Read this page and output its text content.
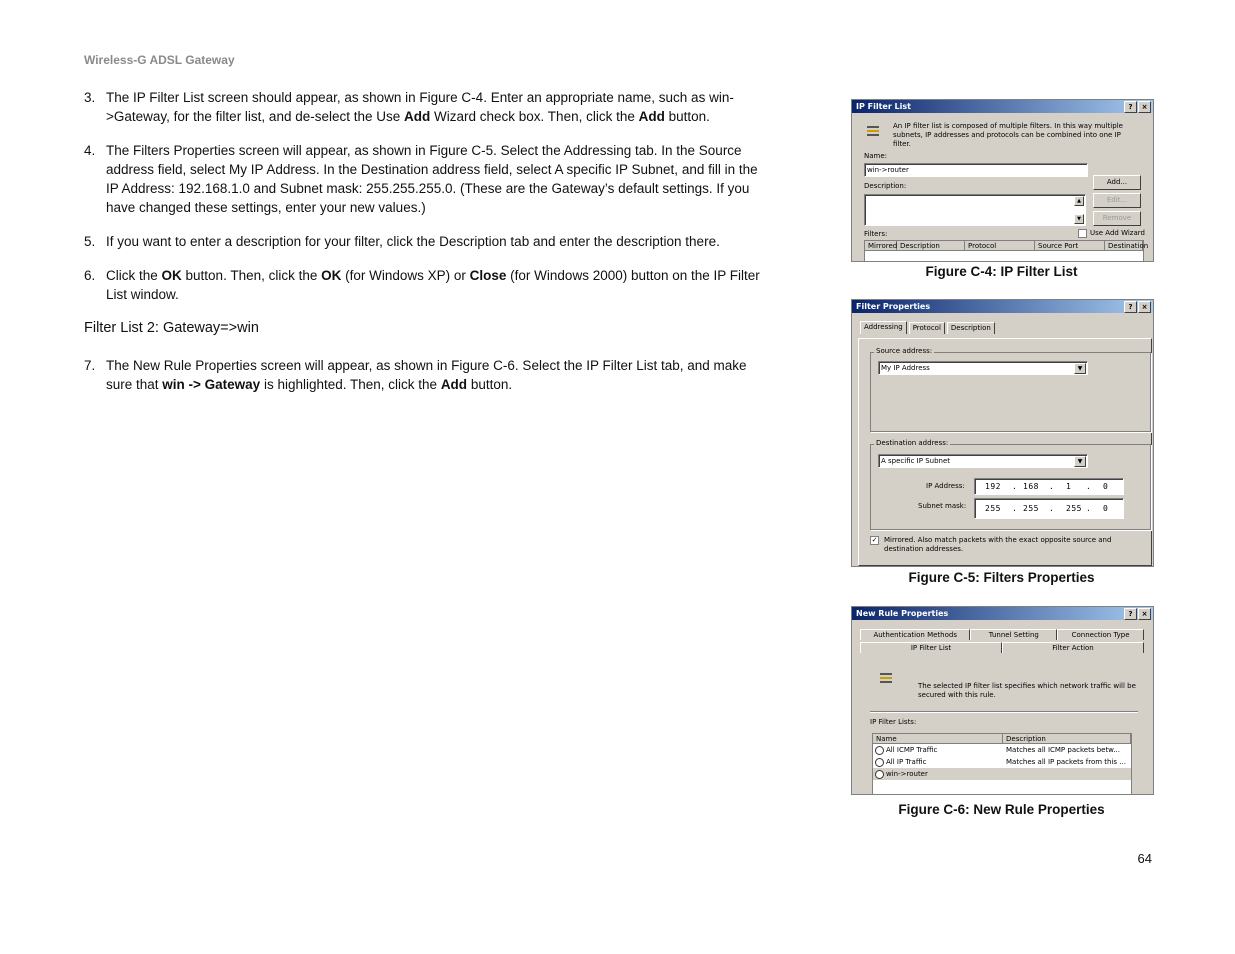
Wireless-G ADSL Gateway
3. The IP Filter List screen should appear, as shown in Figure C-4. Enter an appropriate name, such as win->Gateway, for the filter list, and de-select the Use Add Wizard check box. Then, click the Add button.
4. The Filters Properties screen will appear, as shown in Figure C-5. Select the Addressing tab. In the Source address field, select My IP Address. In the Destination address field, select A specific IP Subnet, and fill in the IP Address: 192.168.1.0 and Subnet mask: 255.255.255.0. (These are the Gateway’s default settings. If you have changed these settings, enter your new values.)
5. If you want to enter a description for your filter, click the Description tab and enter the description there.
6. Click the OK button. Then, click the OK (for Windows XP) or Close (for Windows 2000) button on the IP Filter List window.
Filter List 2: Gateway=>win
7. The New Rule Properties screen will appear, as shown in Figure C-6. Select the IP Filter List tab, and make sure that win -> Gateway is highlighted. Then, click the Add button.
IP Filter List	?	×
An IP filter list is composed of multiple filters. In this way multiple subnets, IP addresses and protocols can be combined into one IP filter.
Name:
win->router
Description:
▲
▼
Add...
Edit...
Remove
Filters:	Use Add Wizard
Mirrored Description	Protocol	Source Port	Destination
Figure C-4: IP Filter List
Filter Properties	?	×
Addressing	Protocol	Description
Source address:
My IP Address	▼
Destination address:
A specific IP Subnet	▼
IP Address:	192 . 168 . 1 . 0
Subnet mask: 255 . 255 . 255 . 0
✓ Mirrored. Also match packets with the exact opposite source and destination addresses.
Figure C-5: Filters Properties
New Rule Properties	?	×
Authentication Methods	Tunnel Setting	Connection Type
IP Filter List	Filter Action
The selected IP filter list specifies which network traffic will be secured with this rule.
IP Filter Lists:
Name	Description
All ICMP Traffic	Matches all ICMP packets betw...
All IP Traffic	Matches all IP packets from this ...
win->router
Figure C-6: New Rule Properties
64
